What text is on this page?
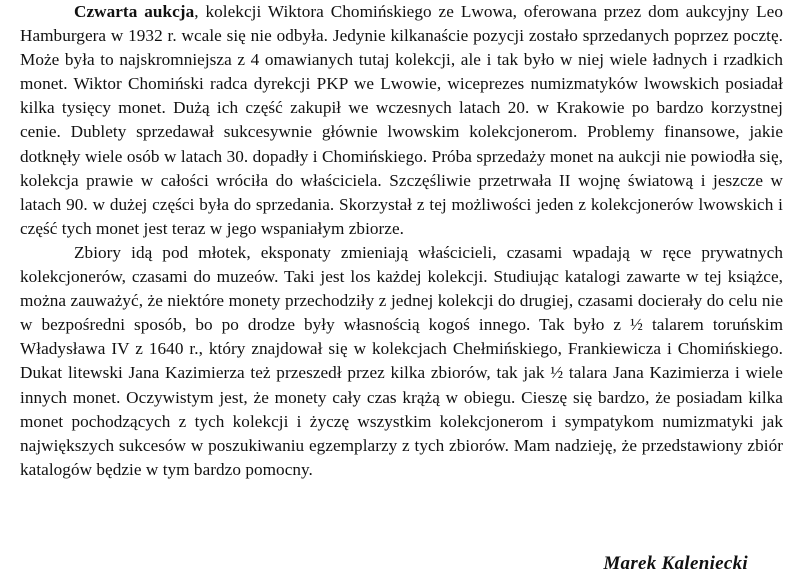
Czwarta aukcja, kolekcji Wiktora Chomińskiego ze Lwowa, oferowana przez dom aukcyjny Leo Hamburgera w 1932 r. wcale się nie odbyła. Jedynie kilkanaście pozycji zostało sprzedanych poprzez pocztę. Może była to najskromniejsza z 4 omawianych tutaj kolekcji, ale i tak było w niej wiele ładnych i rzadkich monet. Wiktor Chomiński radca dyrekcji PKP we Lwowie, wiceprezes numizmatyków lwowskich posiadał kilka tysięcy monet. Dużą ich część zakupił we wczesnych latach 20. w Krakowie po bardzo korzystnej cenie. Dublety sprzedawał sukcesywnie głównie lwowskim kolekcjonerom. Problemy finansowe, jakie dotknęły wiele osób w latach 30. dopadły i Chomińskiego. Próba sprzedaży monet na aukcji nie powiodła się, kolekcja prawie w całości wróciła do właściciela. Szczęśliwie przetrwała II wojnę światową i jeszcze w latach 90. w dużej części była do sprzedania. Skorzystał z tej możliwości jeden z kolekcjonerów lwowskich i część tych monet jest teraz w jego wspaniałym zbiorze.

Zbiory idą pod młotek, eksponaty zmieniają właścicieli, czasami wpadają w ręce prywatnych kolekcjonerów, czasami do muzeów. Taki jest los każdej kolekcji. Studiując katalogi zawarte w tej książce, można zauważyć, że niektóre monety przechodziły z jednej kolekcji do drugiej, czasami docierały do celu nie w bezpośredni sposób, bo po drodze były własnością kogoś innego. Tak było z ½ talarem toruńskim Władysława IV z 1640 r., który znajdował się w kolekcjach Chełmińskiego, Frankiewicza i Chomińskiego. Dukat litewski Jana Kazimierza też przeszedł przez kilka zbiorów, tak jak ½ talara Jana Kazimierza i wiele innych monet. Oczywistym jest, że monety cały czas krążą w obiegu. Cieszę się bardzo, że posiadam kilka monet pochodzących z tych kolekcji i życzę wszystkim kolekcjonerom i sympatykom numizmatyki jak największych sukcesów w poszukiwaniu egzemplarzy z tych zbiorów. Mam nadzieję, że przedstawiony zbiór katalogów będzie w tym bardzo pomocny.

Marek Kaleniecki
